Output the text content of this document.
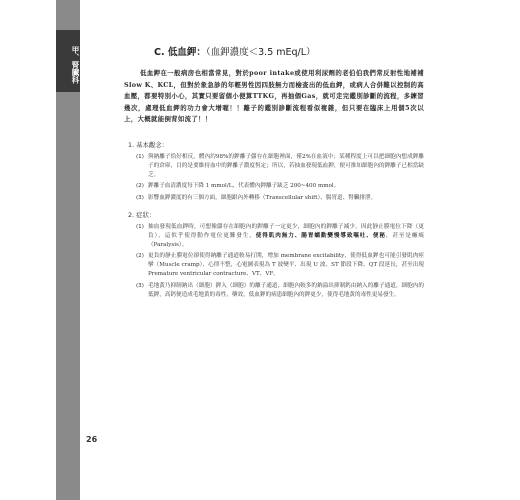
甲、腎臟科
26
C. 低血鉀：（血鉀濃度＜3.5 mEq/L）

低血鉀在一般病房也相當常見，對於poor intake或使用利尿劑的老伯伯我們常反射性地補補Slow K、KCL，但對於象急診的年輕男性因四肢無力而檢查出的低血鉀，或病人合併難以控制的高血壓，都要特別小心，其實只要留個小便算TTKG，再抽個Gas，就可走完鑑別診斷的流程，多練習幾次，處理低血鉀的功力會大增喔！！離子的鑑別診斷流程看似複雜，但只要在臨床上用個5次以上，大概就能倒背如流了！！

1. 基本觀念：
(1) 與鈉離子恰好相反，體內約98%的鉀離子儲存在細胞裡面，僅2%在血液中；某種程度上可以把細胞內想成鉀離子的倉庫，目的是要維持血中的鉀離子濃度恆定；所以，若抽血發現低血鉀，便可推知細胞內的鉀離子已相當缺乏。
(2) 鉀離子血清濃度每下降 1 mmol/L，代表體內鉀離子缺乏 200~400 mmol。
(3) 影響血鉀濃度的有三個方面，細胞跟內外轉移（Transcellular shift）、腸胃道、腎臟排泄。
2. 症狀：
(1) 抽血發現低血鉀時，可想像儲存在細胞內的鉀離子一定更少，細胞內的鉀離子減少，因此靜止膜電位下降（更負），這似乎使得動作電位更難發生，使得肌肉無力、腸胃蠕動變慢導致嘔吐、便秘，甚至是癱瘓（Paralysis）。
(2) 更負的靜止膜電位卻使得鈉離子通道較易打開，增加 membrane excitability，使得低血鉀也可能引發肌肉痙攣（Muscle cramp）、心律不整，心電圖表現為 T 波變平、出現 U 波、ST 節段下降、QT 段延長，甚至出現 Premature ventricular contracture、VT、VF。
(3) 毛地黃乃抑制鈉出（細胞）鉀入（細胞）的離子通道，細胞內較多的鈉溢出抑制鈣由鈉入的離子通道，細胞內的低鉀，高鈣便造成毛地黃的毒性，藥效，低血鉀的病患細胞內的鉀更少，使得毛地黃的毒性更易發生。
